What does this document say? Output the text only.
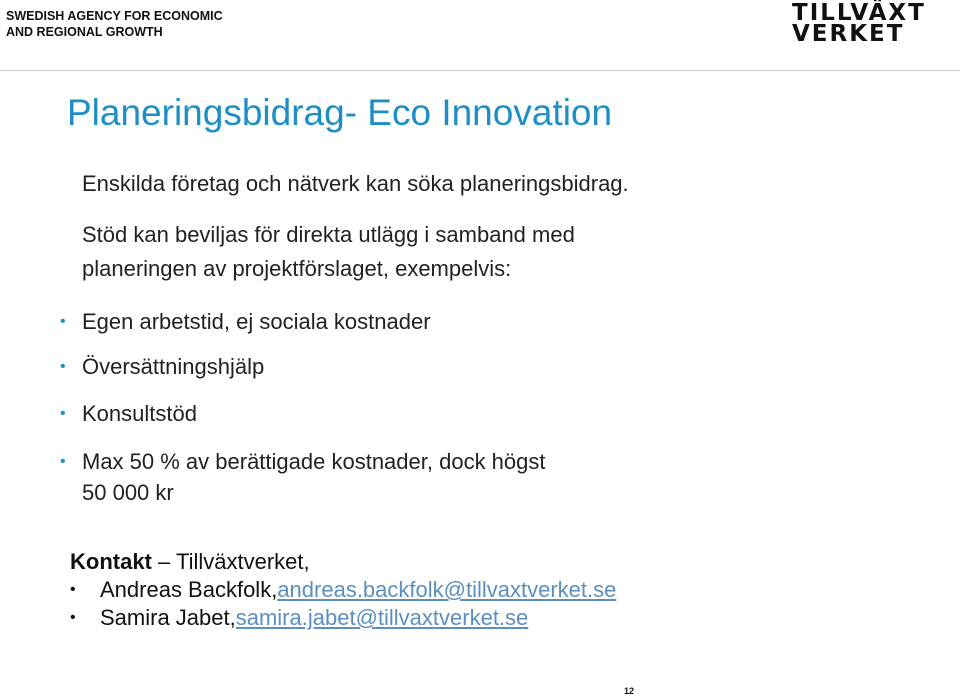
SWEDISH AGENCY FOR ECONOMIC
AND REGIONAL GROWTH
TILLVÄXT
VERKET
Planeringsbidrag- Eco Innovation

Enskilda företag och nätverk kan söka planeringsbidrag.

Stöd kan beviljas för direkta utlägg i samband med

planeringen av projektförslaget, exempelvis:

• Egen arbetstid, ej sociala kostnader
• Översättningshjälp
• Konsultstöd
• Max 50 % av berättigade kostnader, dock högst
50 000 kr
Kontakt – Tillväxtverket,
•	Andreas Backfolk, andreas.backfolk@tillvaxtverket.se
•	Samira Jabet, samira.jabet@tillvaxtverket.se
12
